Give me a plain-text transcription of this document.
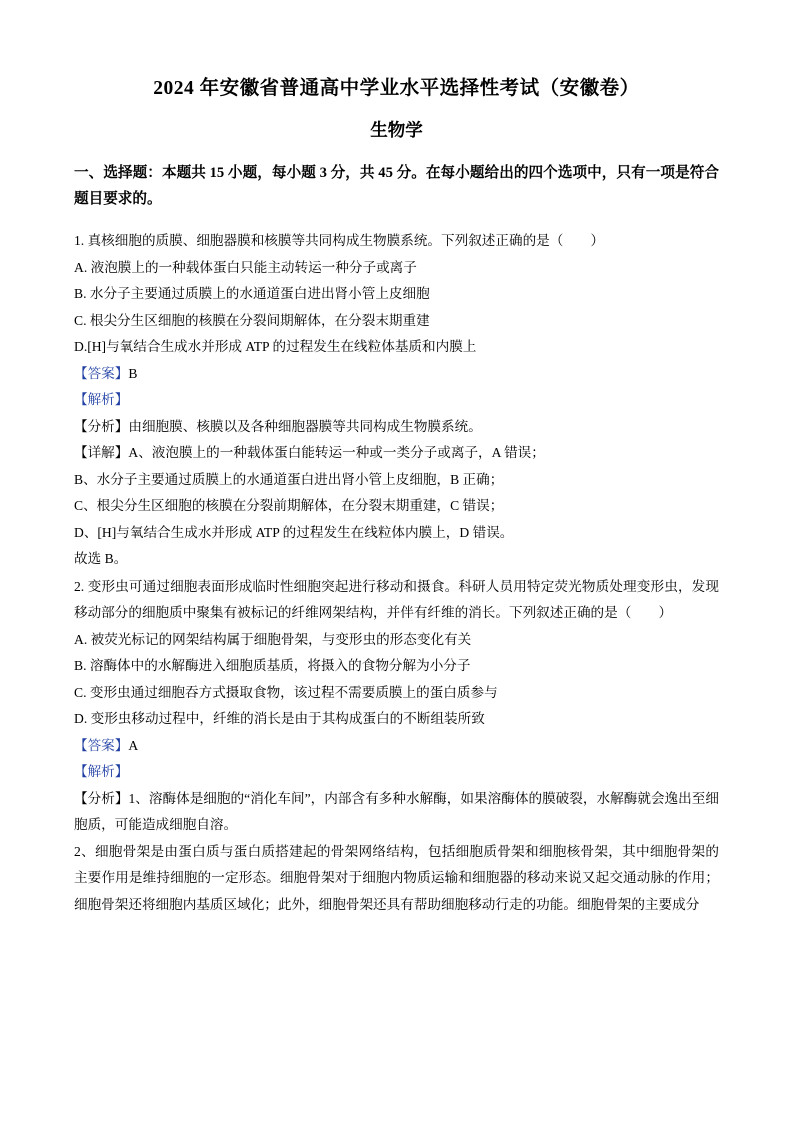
2024 年安徽省普通高中学业水平选择性考试（安徽卷）
生物学

一、选择题：本题共 15 小题，每小题 3 分，共 45 分。在每小题给出的四个选项中，只有一项是符合题目要求的。

1. 真核细胞的质膜、细胞器膜和核膜等共同构成生物膜系统。下列叙述正确的是（　　）

A. 液泡膜上的一种载体蛋白只能主动转运一种分子或离子

B. 水分子主要通过质膜上的水通道蛋白进出肾小管上皮细胞

C. 根尖分生区细胞的核膜在分裂间期解体，在分裂末期重建

D.[H]与氧结合生成水并形成 ATP 的过程发生在线粒体基质和内膜上

【答案】B

【解析】

【分析】由细胞膜、核膜以及各种细胞器膜等共同构成生物膜系统。

【详解】A、液泡膜上的一种载体蛋白能转运一种或一类分子或离子，A 错误；

B、水分子主要通过质膜上的水通道蛋白进出肾小管上皮细胞，B 正确；

C、根尖分生区细胞的核膜在分裂前期解体，在分裂末期重建，C 错误；

D、[H]与氧结合生成水并形成 ATP 的过程发生在线粒体内膜上，D 错误。

故选 B。

2. 变形虫可通过细胞表面形成临时性细胞突起进行移动和摄食。科研人员用特定荧光物质处理变形虫，发现移动部分的细胞质中聚集有被标记的纤维网架结构，并伴有纤维的消长。下列叙述正确的是（　　）

A. 被荧光标记的网架结构属于细胞骨架，与变形虫的形态变化有关

B. 溶酶体中的水解酶进入细胞质基质，将摄入的食物分解为小分子

C. 变形虫通过细胞吞方式摄取食物，该过程不需要质膜上的蛋白质参与

D. 变形虫移动过程中，纤维的消长是由于其构成蛋白的不断组装所致

【答案】A

【解析】

【分析】1、溶酶体是细胞的“消化车间”，内部含有多种水解酶，如果溶酶体的膜破裂，水解酶就会逸出至细胞质，可能造成细胞自溶。

2、细胞骨架是由蛋白质与蛋白质搭建起的骨架网络结构，包括细胞质骨架和细胞核骨架，其中细胞骨架的主要作用是维持细胞的一定形态。细胞骨架对于细胞内物质运输和细胞器的移动来说又起交通动脉的作用；细胞骨架还将细胞内基质区域化；此外，细胞骨架还具有帮助细胞移动行走的功能。细胞骨架的主要成分
